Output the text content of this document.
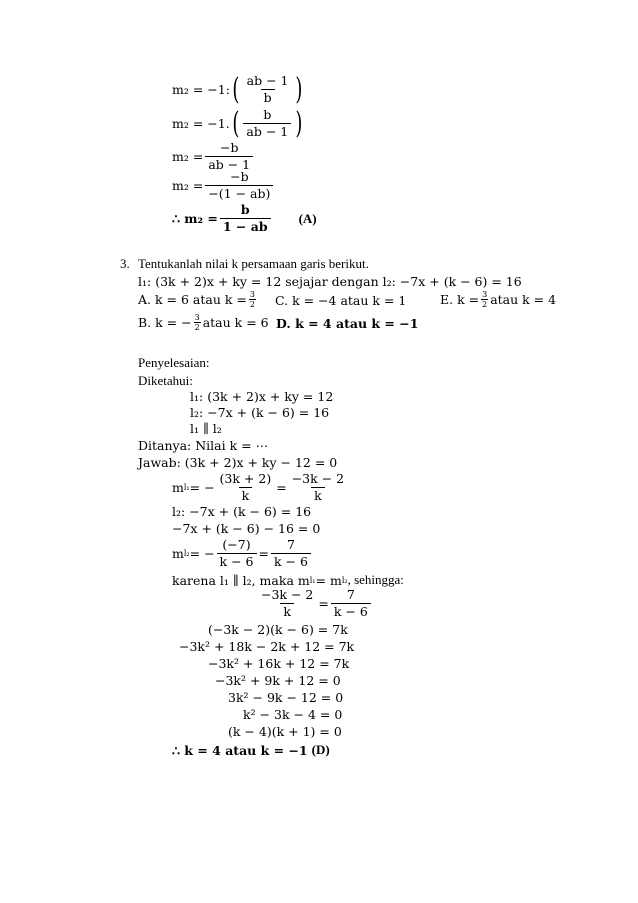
m₂ = −1: ( $\frac{ab - 1}{b}$ )
m₂ = −1. ( $\frac{b}{ab - 1}$ )
$m_2 = \frac{-b}{ab - 1}$
$m_2 = \frac{-b}{-(1 - ab)}$
∴ $m_2 = \frac{b}{1 - ab} (A)$
3. Tentukanlah nilai k persamaan garis berikut.
l₁: (3k + 2)x + ky = 12 sejajar dengan l₂: −7x + (k − 6) = 16
A. k = 6 atau $k = \frac{3}{2} C$. k = −4 atau k = 1	E. $k = \frac{3}{2}$ atau k = 4
B. k = − $\frac{3}{2}$ atau k = 6 D. k = 4 atau k = −1
Penyelesaian:
Diketahui:
l₁: (3k + 2)x + ky = 12
l₂: −7x + (k − 6) = 16
l₁ ∥ l₂
Ditanya: Nilai k = ⋯
Jawab: (3k + 2)x + ky − 12 = 0
m l₁ = − $\frac{(3k + 2)}{k} = \frac{-3k - 2}{k}$
l₂: −7x + (k − 6) = 16
−7x + (k − 6) − 16 = 0
m l₂ = − $\frac{(-7)}{k - 6} = \frac{7}{k - 6}$
karena l₁ ∥ l₂, maka m l₁ = m l₂ , sehingga:
$\frac{-3k - 2}{k} = \frac{7}{k - 6}$
(−3k − 2)(k − 6) = 7k
−3k² + 18k − 2k + 12 = 7k
−3k² + 16k + 12 = 7k
−3k² + 9k + 12 = 0
3k² − 9k − 12 = 0
k² − 3k − 4 = 0
(k − 4)(k + 1) = 0
∴ k = 4 atau k = −1 (D)
